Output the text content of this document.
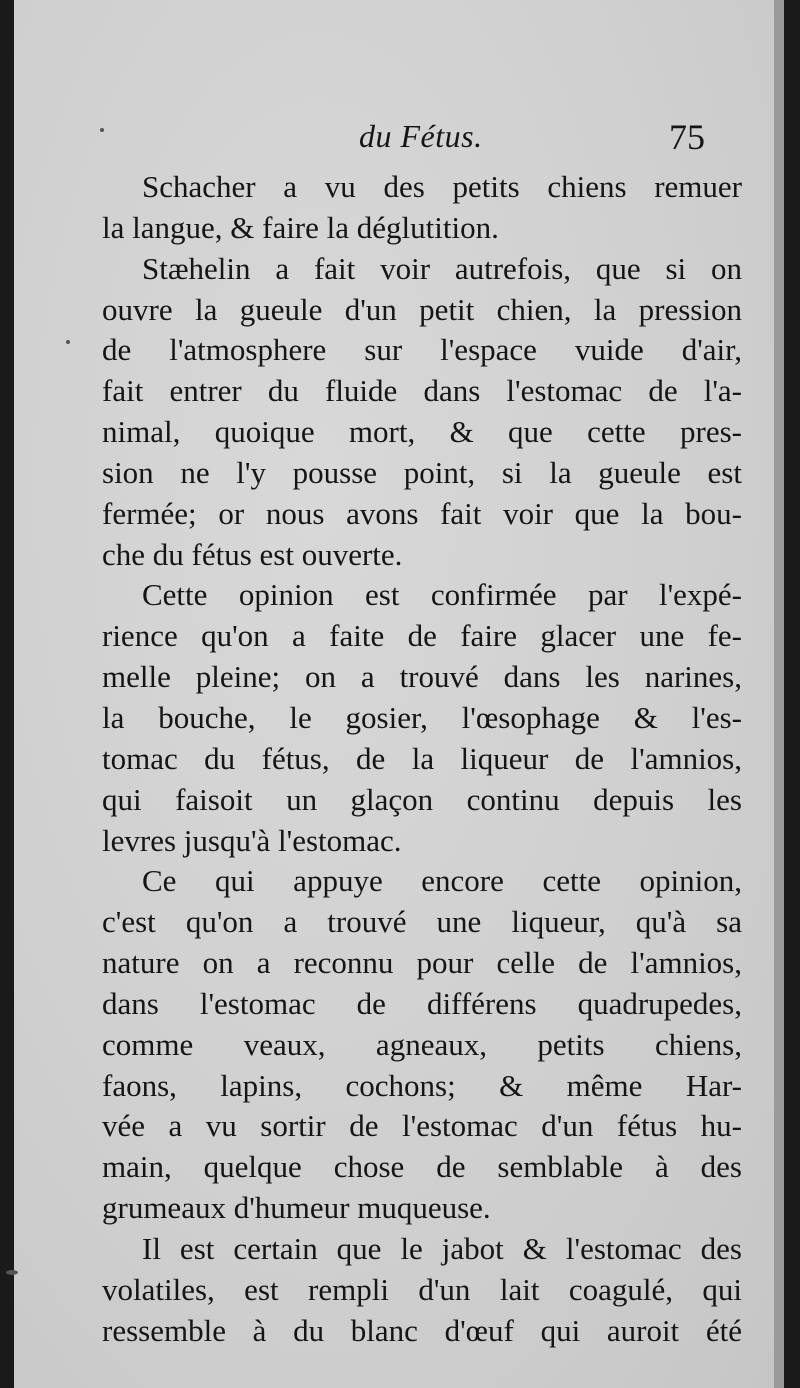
du Fétus.	75
Schacher a vu des petits chiens remuer
la langue, & faire la déglutition.
Stæhelin a fait voir autrefois, que si on
ouvre la gueule d'un petit chien, la pression
de l'atmosphere sur l'espace vuide d'air,
fait entrer du fluide dans l'estomac de l'a-
nimal, quoique mort, & que cette pres-
sion ne l'y pousse point, si la gueule est
fermée; or nous avons fait voir que la bou-
che du fétus est ouverte.
Cette opinion est confirmée par l'expé-
rience qu'on a faite de faire glacer une fe-
melle pleine; on a trouvé dans les narines,
la bouche, le gosier, l'œsophage & l'es-
tomac du fétus, de la liqueur de l'amnios,
qui faisoit un glaçon continu depuis les
levres jusqu'à l'estomac.
Ce qui appuye encore cette opinion,
c'est qu'on a trouvé une liqueur, qu'à sa
nature on a reconnu pour celle de l'amnios,
dans l'estomac de différens quadrupedes,
comme veaux, agneaux, petits chiens,
faons, lapins, cochons; & même Har-
vée a vu sortir de l'estomac d'un fétus hu-
main, quelque chose de semblable à des
grumeaux d'humeur muqueuse.
Il est certain que le jabot & l'estomac des
volatiles, est rempli d'un lait coagulé, qui
ressemble à du blanc d'œuf qui auroit été
